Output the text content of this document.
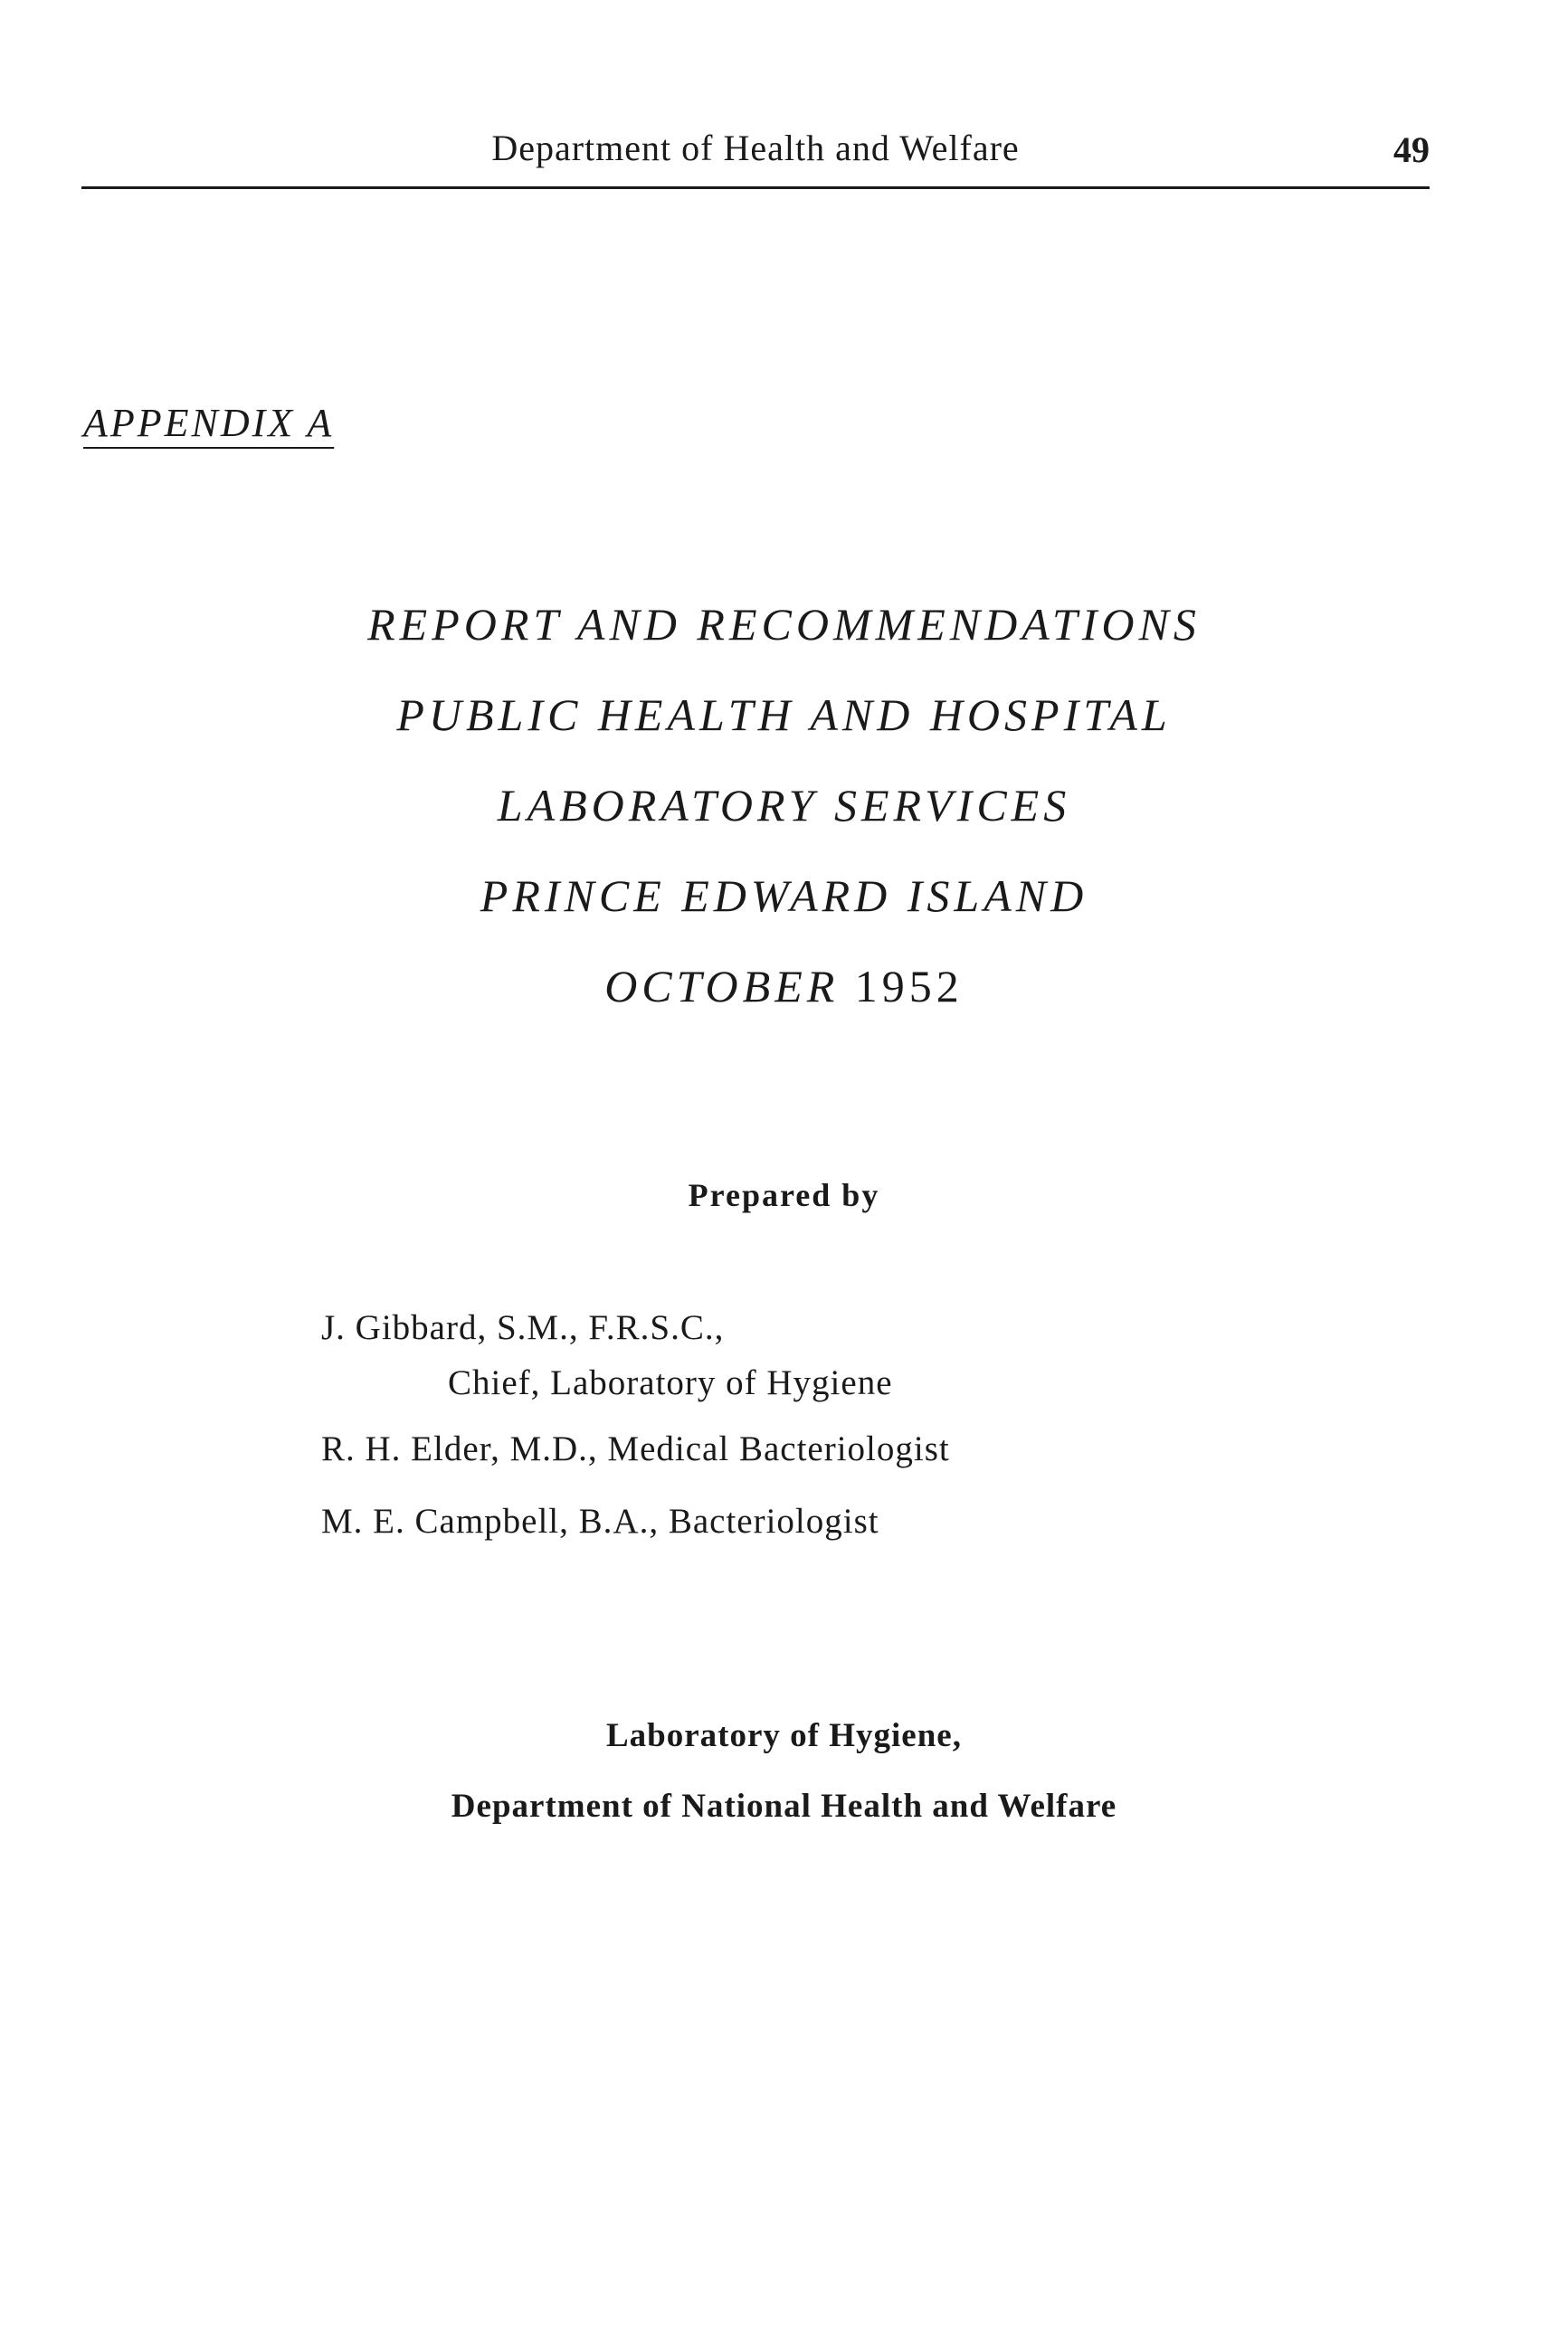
Department of Health and Welfare	49
APPENDIX A
REPORT AND RECOMMENDATIONS
PUBLIC HEALTH AND HOSPITAL
LABORATORY SERVICES
PRINCE EDWARD ISLAND
OCTOBER 1952
Prepared by
J. Gibbard, S.M., F.R.S.C.,
Chief, Laboratory of Hygiene
R. H. Elder, M.D., Medical Bacteriologist
M. E. Campbell, B.A., Bacteriologist
Laboratory of Hygiene,
Department of National Health and Welfare
